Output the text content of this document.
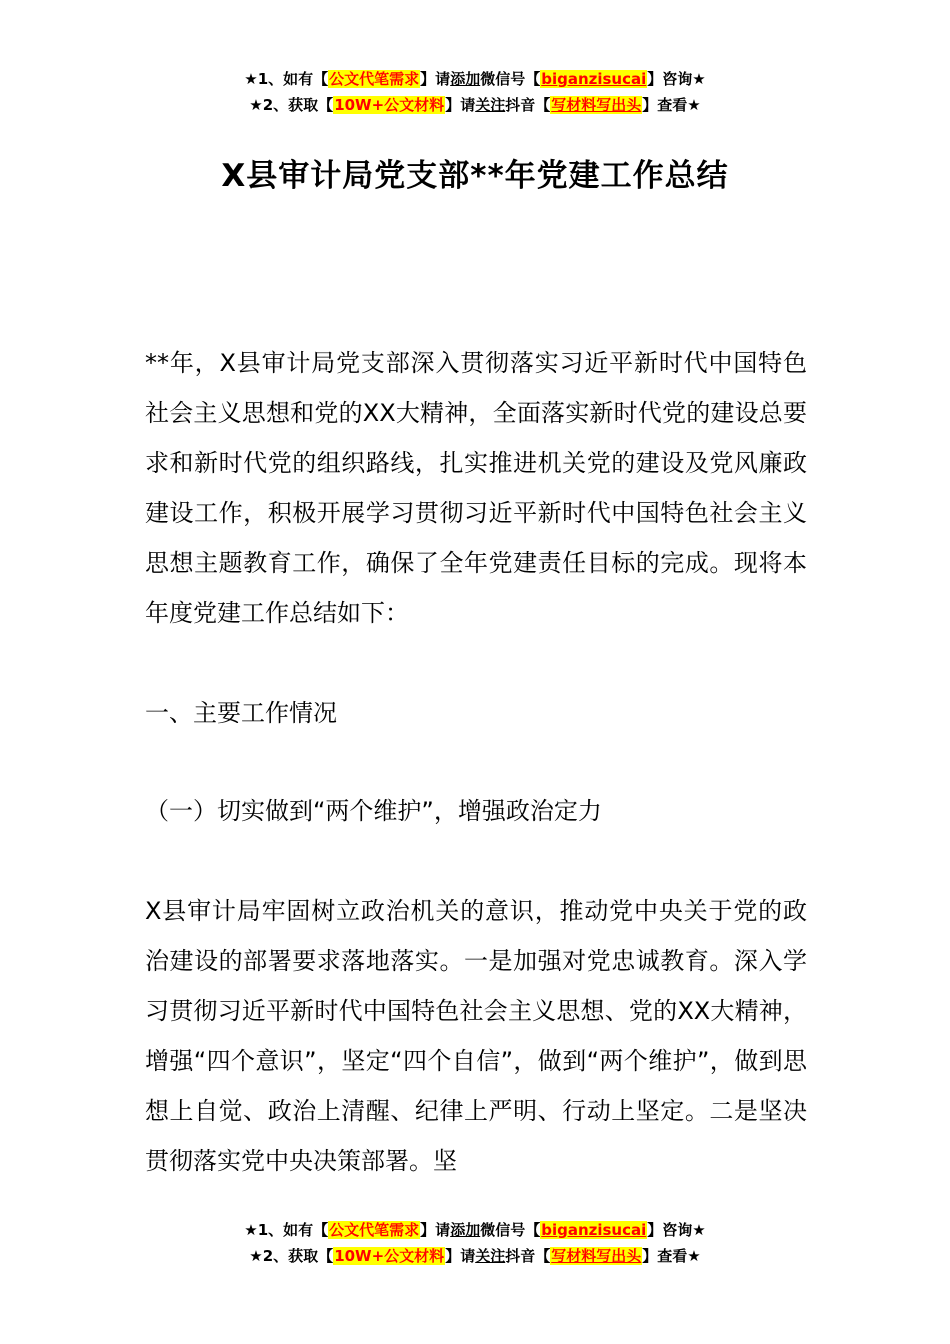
★1、如有【公文代笔需求】请添加微信号【biganzisucai】咨询★
★2、获取【10W+公文材料】请关注抖音【写材料写出头】查看★
X县审计局党支部**年党建工作总结

**年，X县审计局党支部深入贯彻落实习近平新时代中国特色社会主义思想和党的XX大精神，全面落实新时代党的建设总要求和新时代党的组织路线，扎实推进机关党的建设及党风廉政建设工作，积极开展学习贯彻习近平新时代中国特色社会主义思想主题教育工作，确保了全年党建责任目标的完成。现将本年度党建工作总结如下：

一、主要工作情况

（一）切实做到“两个维护”，增强政治定力

X县审计局牢固树立政治机关的意识，推动党中央关于党的政治建设的部署要求落地落实。一是加强对党忠诚教育。深入学习贯彻习近平新时代中国特色社会主义思想、党的XX大精神，增强“四个意识”，坚定“四个自信”，做到“两个维护”，做到思想上自觉、政治上清醒、纪律上严明、行动上坚定。二是坚决贯彻落实党中央决策部署。坚

★1、如有【公文代笔需求】请添加微信号【biganzisucai】咨询★
★2、获取【10W+公文材料】请关注抖音【写材料写出头】查看★
